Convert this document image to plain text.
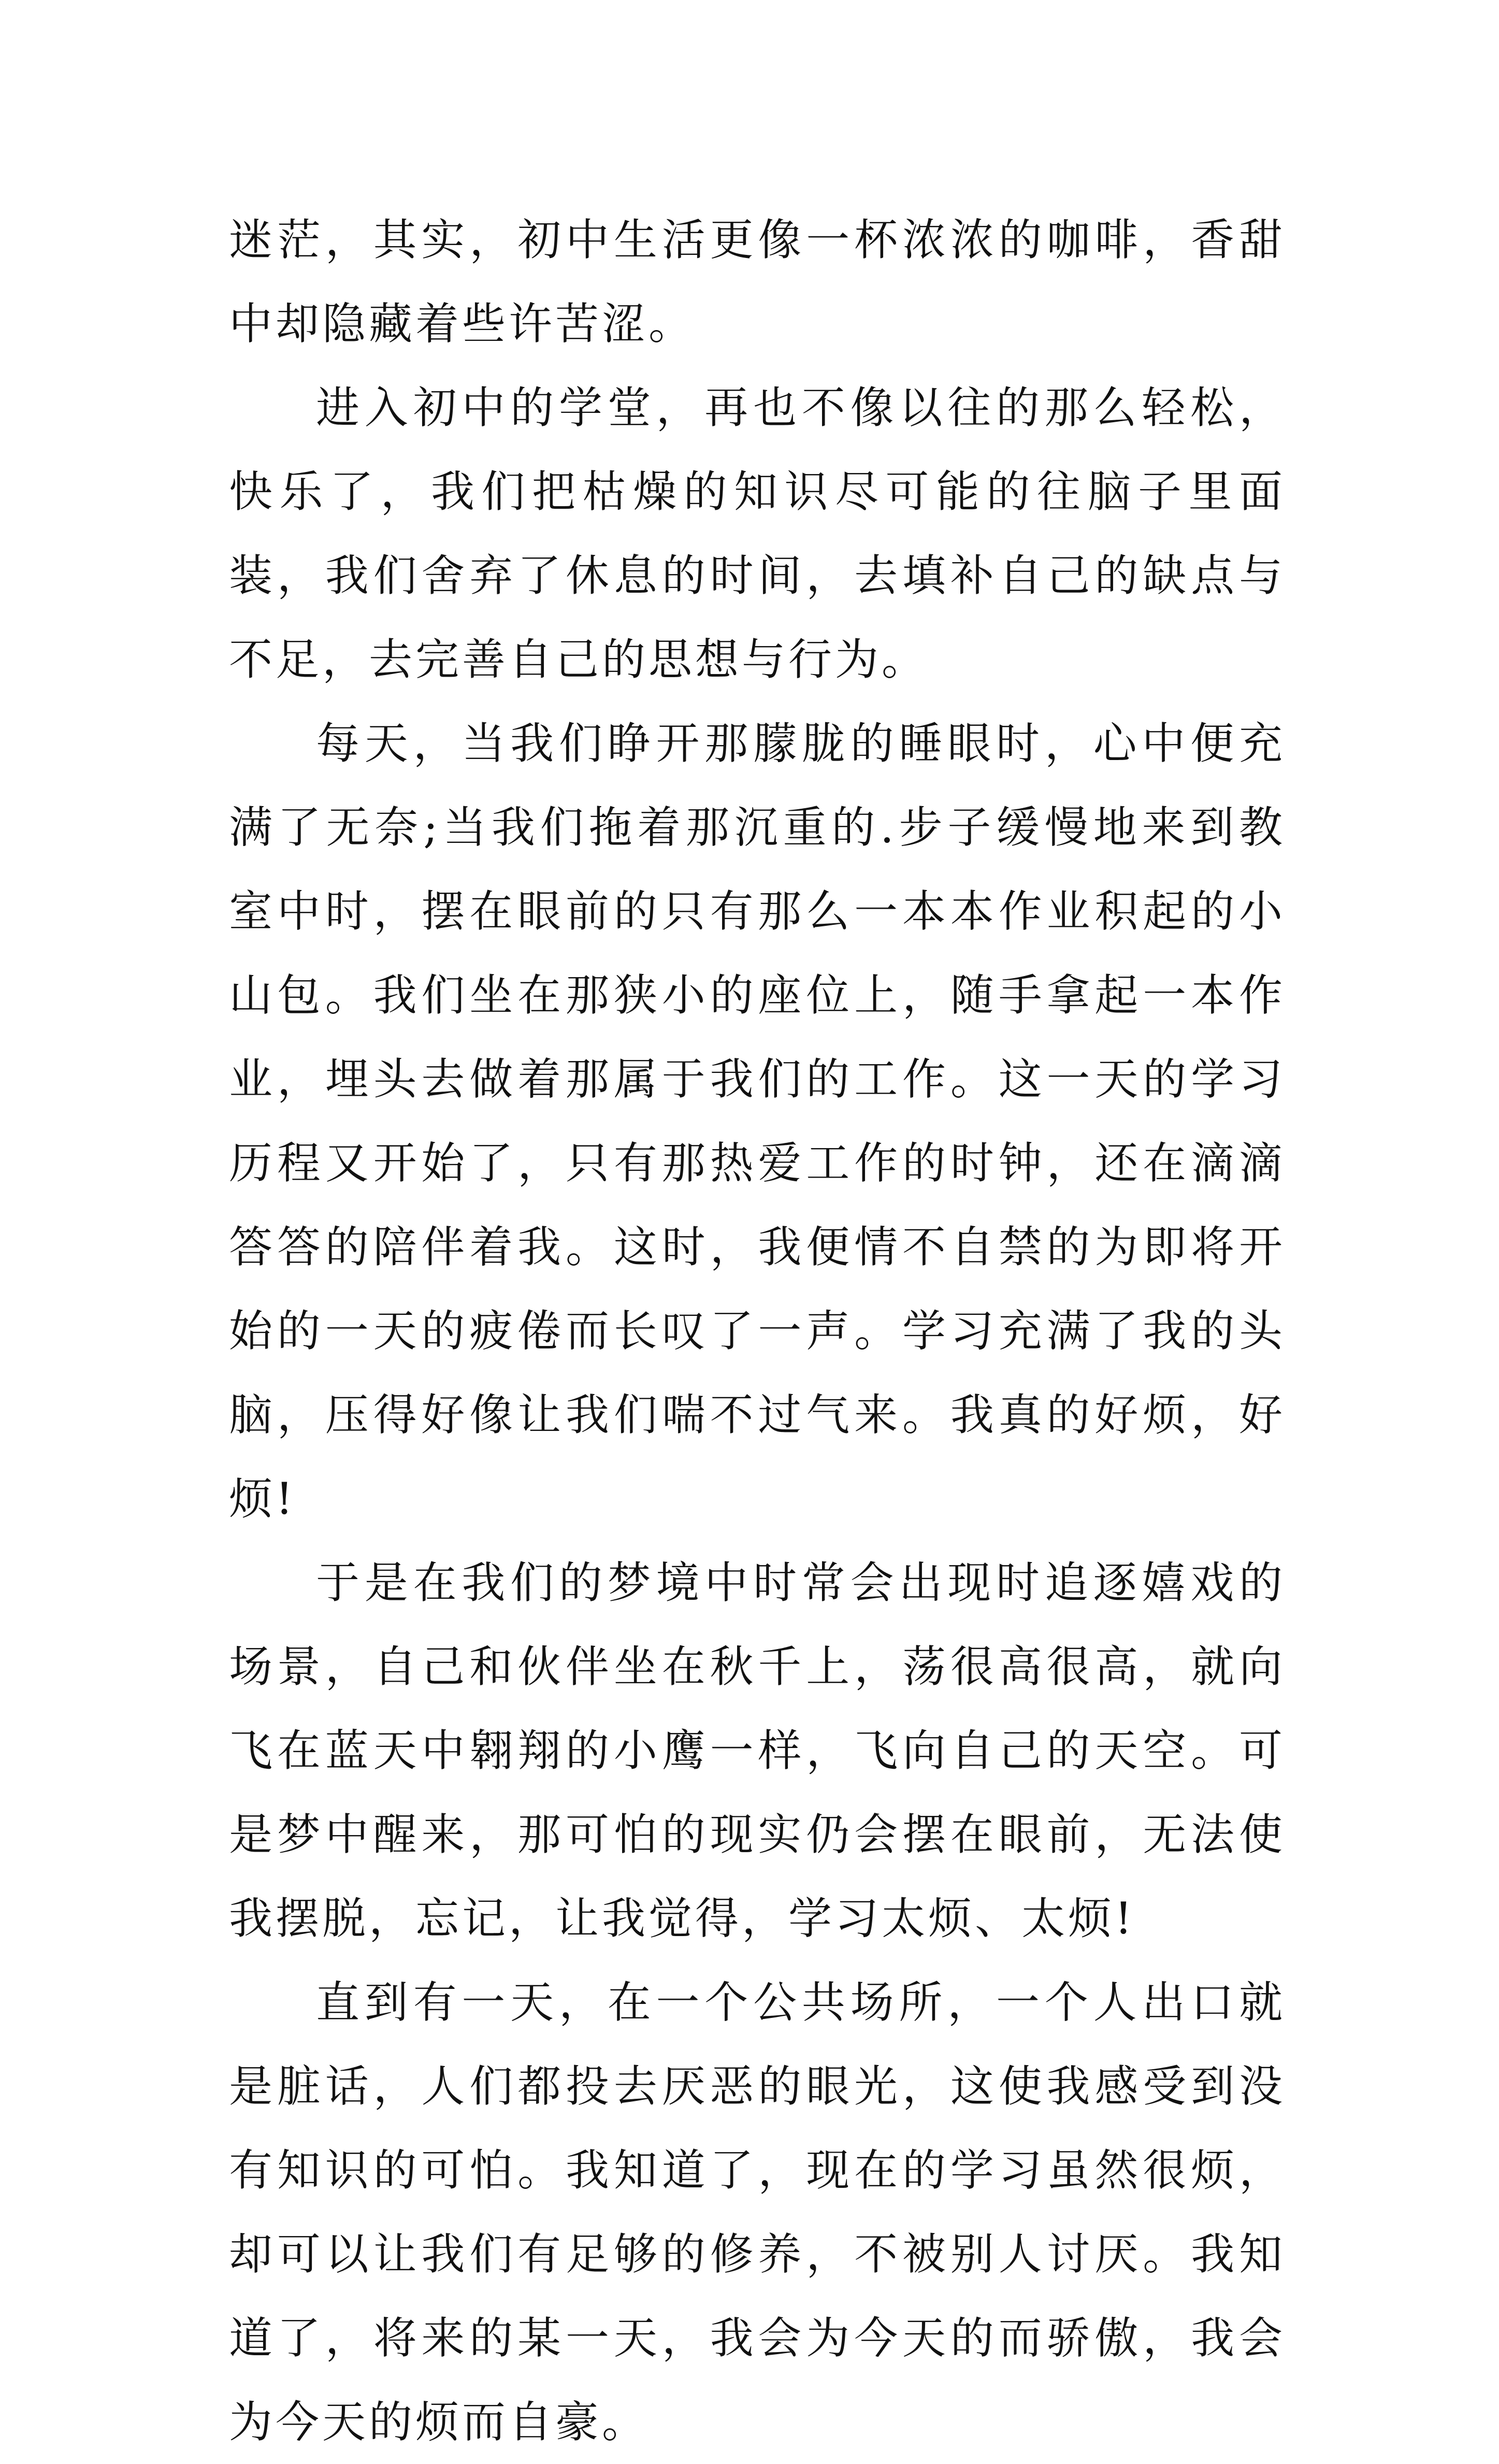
迷茫，其实，初中生活更像一杯浓浓的咖啡，香甜中却隐藏着些许苦涩。

进入初中的学堂，再也不像以往的那么轻松，快乐了，我们把枯燥的知识尽可能的往脑子里面装，我们舍弃了休息的时间，去填补自己的缺点与不足，去完善自己的思想与行为。

每天，当我们睁开那朦胧的睡眼时，心中便充满了无奈;当我们拖着那沉重的.步子缓慢地来到教室中时，摆在眼前的只有那么一本本作业积起的小山包。我们坐在那狭小的座位上，随手拿起一本作业，埋头去做着那属于我们的工作。这一天的学习历程又开始了，只有那热爱工作的时钟，还在滴滴答答的陪伴着我。这时，我便情不自禁的为即将开始的一天的疲倦而长叹了一声。学习充满了我的头脑，压得好像让我们喘不过气来。我真的好烦，好烦!

于是在我们的梦境中时常会出现时追逐嬉戏的场景，自己和伙伴坐在秋千上，荡很高很高，就向飞在蓝天中翱翔的小鹰一样，飞向自己的天空。可是梦中醒来，那可怕的现实仍会摆在眼前，无法使我摆脱，忘记，让我觉得，学习太烦、太烦!

直到有一天，在一个公共场所，一个人出口就是脏话，人们都投去厌恶的眼光，这使我感受到没有知识的可怕。我知道了，现在的学习虽然很烦，却可以让我们有足够的修养，不被别人讨厌。我知道了，将来的某一天，我会为今天的而骄傲，我会为今天的烦而自豪。
